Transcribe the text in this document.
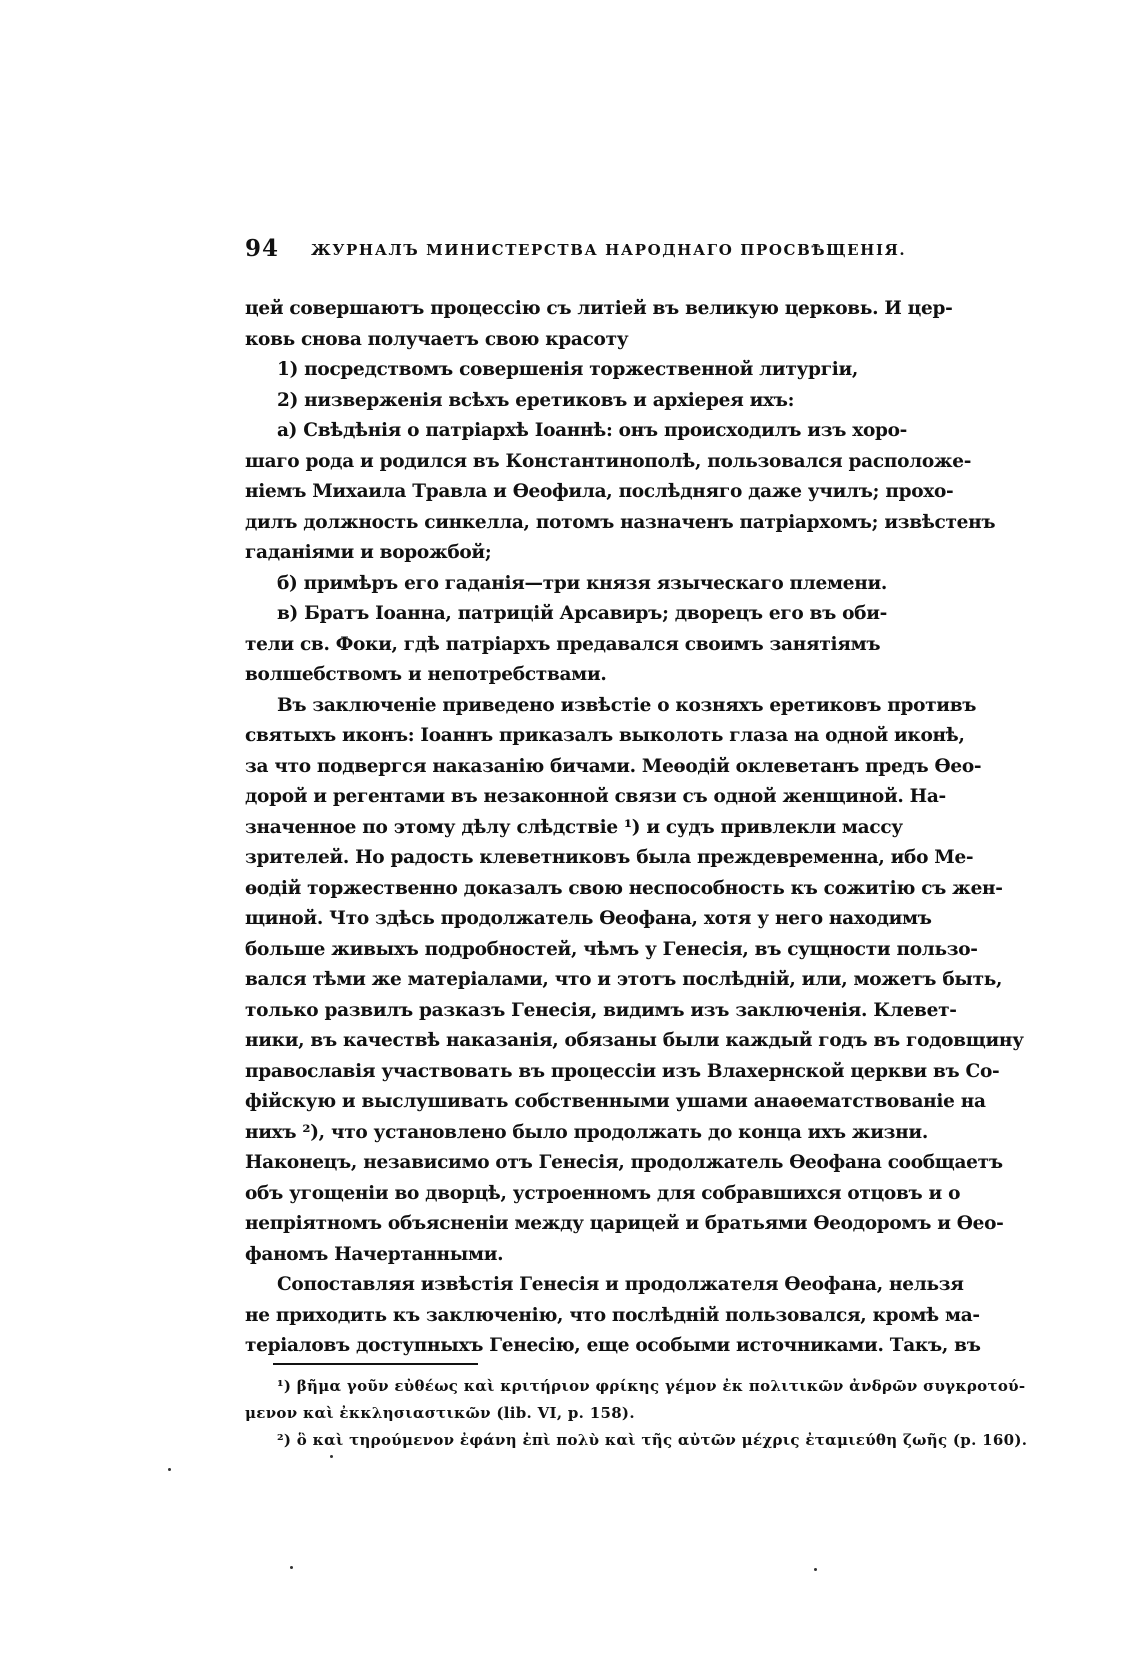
94 ЖУРНАЛЪ МИНИСТЕРСТВА НАРОДНАГО ПРОСВѢЩЕНІЯ.
цей совершаютъ процессію съ литіей въ великую церковь. И цер-
ковь снова получаетъ свою красоту
1) посредствомъ совершенія торжественной литургіи,
2) низверженія всѣхъ еретиковъ и архіерея ихъ:
а) Свѣдѣнія о патріархѣ Іоаннѣ: онъ происходилъ изъ хоро-
шаго рода и родился въ Константинополѣ, пользовался расположе-
ніемъ Михаила Травла и Ѳеофила, послѣдняго даже училъ; прохо-
дилъ должность синкелла, потомъ назначенъ патріархомъ; извѣстенъ
гаданіями и ворожбой;
б) примѣръ его гаданія—три князя языческаго племени.
в) Братъ Іоанна, патрицій Арсавиръ; дворецъ его въ оби-
тели св. Фоки, гдѣ патріархъ предавался своимъ занятіямъ
волшебствомъ и непотребствами.
Въ заключеніе приведено извѣстіе о козняхъ еретиковъ противъ
святыхъ иконъ: Іоаннъ приказалъ выколоть глаза на одной иконѣ,
за что подвергся наказанію бичами. Меѳодій оклеветанъ предъ Ѳео-
дорой и регентами въ незаконной связи съ одной женщиной. На-
значенное по этому дѣлу слѣдствіе ¹) и судъ привлекли массу
зрителей. Но радость клеветниковъ была преждевременна, ибо Ме-
ѳодій торжественно доказалъ свою неспособность къ сожитію съ жен-
щиной. Что здѣсь продолжатель Ѳеофана, хотя у него находимъ
больше живыхъ подробностей, чѣмъ у Генесія, въ сущности пользо-
вался тѣми же матеріалами, что и этотъ послѣдній, или, можетъ быть,
только развилъ разказъ Генесія, видимъ изъ заключенія. Клевет-
ники, въ качествѣ наказанія, обязаны были каждый годъ въ годовщину
православія участвовать въ процессіи изъ Влахернской церкви въ Со-
фійскую и выслушивать собственными ушами анаѳематствованіе на
нихъ ²), что установлено было продолжать до конца ихъ жизни.
Наконецъ, независимо отъ Генесія, продолжатель Ѳеофана сообщаетъ
объ угощеніи во дворцѣ, устроенномъ для собравшихся отцовъ и о
непріятномъ объясненіи между царицей и братьями Ѳеодоромъ и Ѳео-
фаномъ Начертанными.
Сопоставляя извѣстія Генесія и продолжателя Ѳеофана, нельзя
не приходить къ заключенію, что послѣдній пользовался, кромѣ ма-
теріаловъ доступныхъ Генесію, еще особыми источниками. Такъ, въ
¹) βῆμα γοῦν εὐθέως καὶ κριτήριον φρίκης γέμον ἐκ πολιτικῶν ἀνδρῶν συγκροτού-
μενον καὶ ἐκκλησιαστικῶν (lib. VI, p. 158).
²) ὃ καὶ τηρούμενον ἐφάνη ἐπὶ πολὺ καὶ τῆς αὐτῶν μέχρις ἐταμιεύθη ζωῆς (p. 160).
